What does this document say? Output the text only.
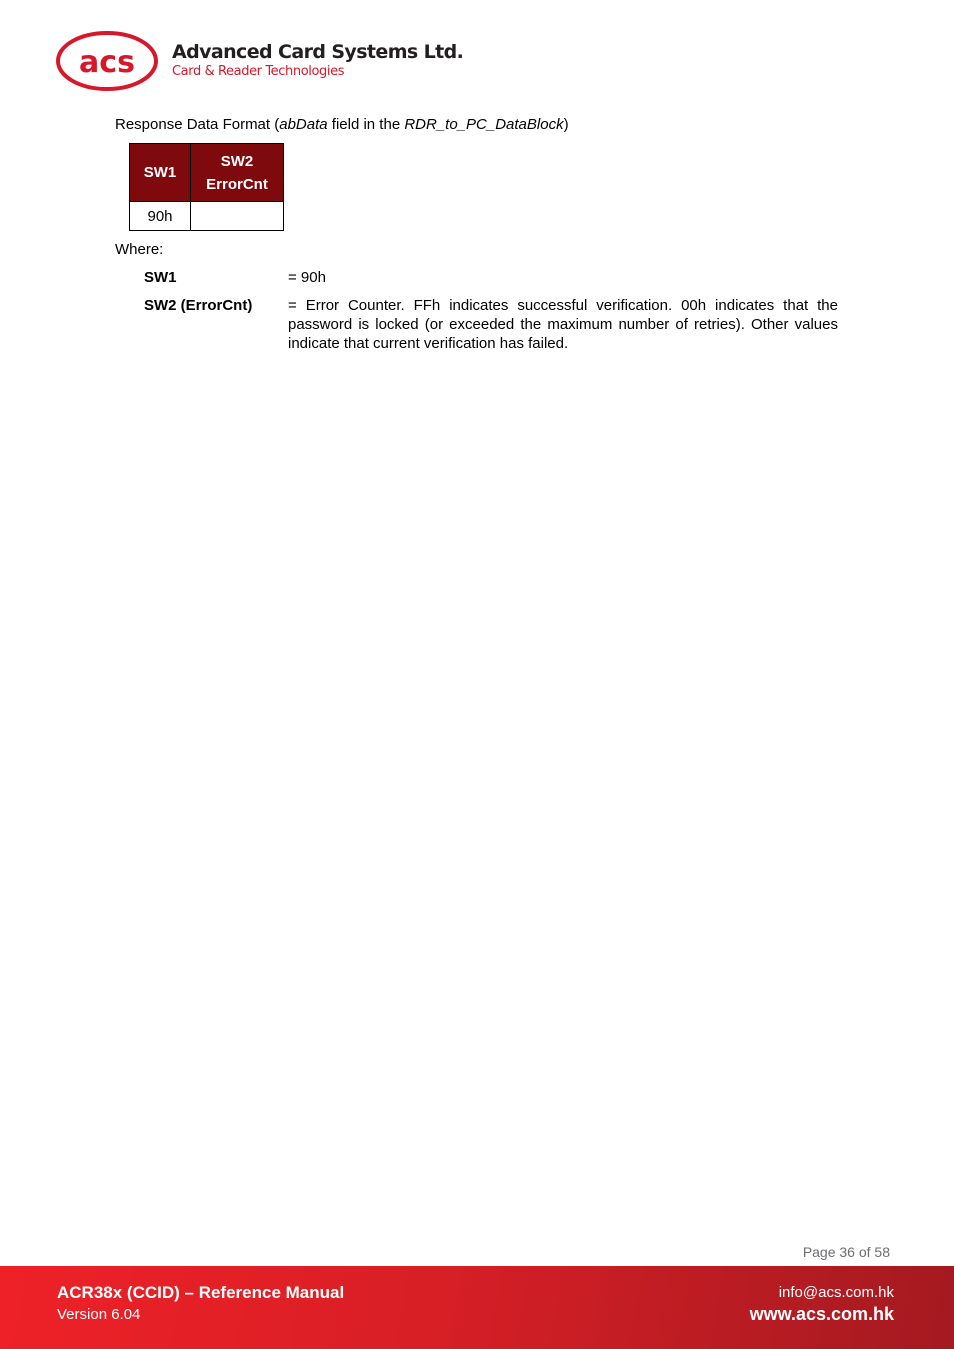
acs Advanced Card Systems Ltd.
Card & Reader Technologies
Response Data Format (abData field in the RDR_to_PC_DataBlock)
SW1	SW2
ErrorCnt
90h	
Where:
SW1	= 90h
SW2 (ErrorCnt) = Error Counter. FFh indicates successful verification. 00h indicates that the password is locked (or exceeded the maximum number of retries). Other values indicate that current verification has failed.
Page 36 of 58
ACR38x (CCID) – Reference Manual
Version 6.04
info@acs.com.hk
www.acs.com.hk
